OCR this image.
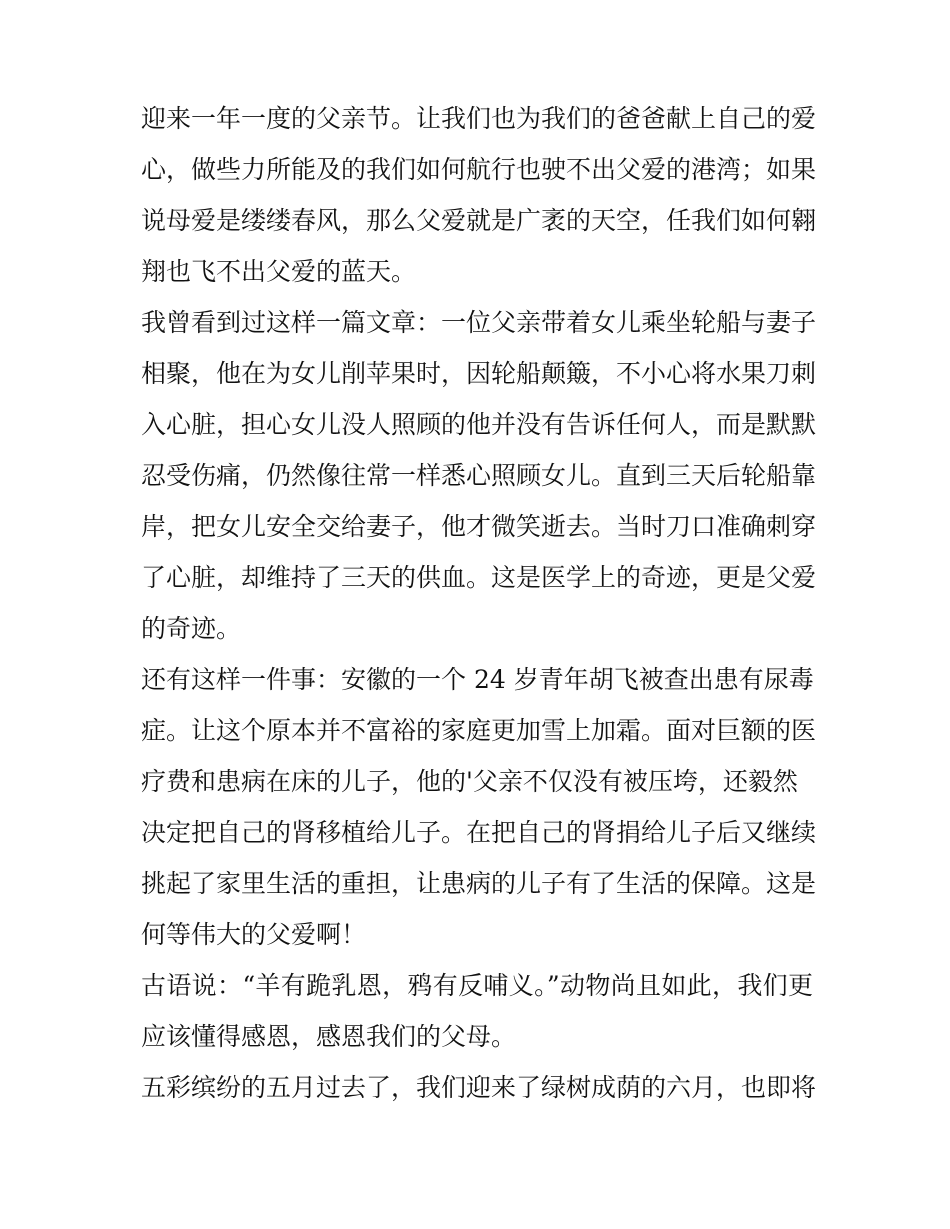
迎来一年一度的父亲节。让我们也为我们的爸爸献上自己的爱
心，做些力所能及的我们如何航行也驶不出父爱的港湾；如果
说母爱是缕缕春风，那么父爱就是广袤的天空，任我们如何翱
翔也飞不出父爱的蓝天。
我曾看到过这样一篇文章：一位父亲带着女儿乘坐轮船与妻子
相聚，他在为女儿削苹果时，因轮船颠簸，不小心将水果刀刺
入心脏，担心女儿没人照顾的他并没有告诉任何人，而是默默
忍受伤痛，仍然像往常一样悉心照顾女儿。直到三天后轮船靠
岸，把女儿安全交给妻子，他才微笑逝去。当时刀口准确刺穿
了心脏，却维持了三天的供血。这是医学上的奇迹，更是父爱
的奇迹。
还有这样一件事：安徽的一个 24 岁青年胡飞被查出患有尿毒
症。让这个原本并不富裕的家庭更加雪上加霜。面对巨额的医
疗费和患病在床的儿子，他的'父亲不仅没有被压垮，还毅然
决定把自己的肾移植给儿子。在把自己的肾捐给儿子后又继续
挑起了家里生活的重担，让患病的儿子有了生活的保障。这是
何等伟大的父爱啊！
古语说：“羊有跪乳恩，鸦有反哺义。”动物尚且如此，我们更
应该懂得感恩，感恩我们的父母。
五彩缤纷的五月过去了，我们迎来了绿树成荫的六月，也即将
